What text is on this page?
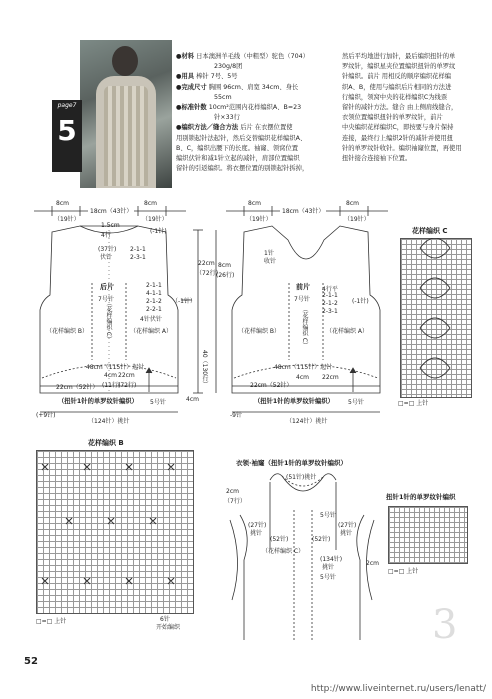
page7
5
●材料 日本澳洲羊毛线（中粗型）驼色（704）
230g/8团
●用具 棒针 7号、5号
●完成尺寸 胸围 96cm、肩宽 34cm、身长
55cm
●标准针数 10cm²范围内花样编织A、B=23
针×33行
●编织方法／缝合方法 后片 在衣摆位置使
用别锁起针法起针，然后交替编织花样编织A、
B、C，编织出腰下的长度。袖窿、领窝位置
编织伏针和减1针立起的减针，肩部位置编织
留针的引返编织。将衣摆位置的别锁起针拆掉，
然后平均地进行加针，最后编织扭针的单
罗纹针，编织星夹位置编织扭针的单罗纹
针编织。前片 用相反的顺序编织花样编
织A、B，使用与编织后片相同的方法进
行编织，领窝中央的花样编织C为线票
留针的减针方法。缝合 由上侧肩线缝合，
衣领位置编织扭针的单罗纹针，前片
中央编织花样编织C，即按要与身片保持
连接，最终行上编织2针的减针并使用扭
针的单罗纹针收针。编织袖窿位置，再使用
扭针接合连接袖下位置。
8cm
（19针）
18cm（43针）
8cm
（19针）
1.5cm
4行
(-1针)
(37针)
伏针
2-1-1
2-3-1
后片
7号针
2-1-1
4-1-1
2-1-2
2-2-1
4针伏针
（花样编织 B）	（花样编织 C）	（花样编织 A）
48cm（115针）起针
4cm
(11行)
22cm（52针）
22cm
(72行)
（扭针1针的单罗纹针编织） 5号针
（124针）挑针
(+9针)
22cm
（72行）
（-1针）
40（130行）
4cm
8cm
（19针）
18cm（43针）
8cm
（19针）
8cm
(26行)
前片
7号针
（花样编织 B）	（花样编织 C）	（花样编织 A）
48cm（115针）起针
4cm
22cm（52针）
22cm
（扭针1针的单罗纹针编织） 5号针
（124针）挑针
-9针
1针
收针
4行平
2-1-1
2-1-2
2-3-1
(-1针)
花样编织 C
□=□ 上针
花样编织 B
□=□ 上针
开始编织
6针
衣领·袖窿（扭针1针的单罗纹针编织）
(51针)挑针
(27针)
挑针
(27针)
挑针
(52针)	(52针)
（花样编织 C）
5号针
(134针)
挑针
5号针
2cm
（7行）
2cm
扭针1针的单罗纹针编织
□=□ 上针
3
52
http://www.liveinternet.ru/users/lenatt/
